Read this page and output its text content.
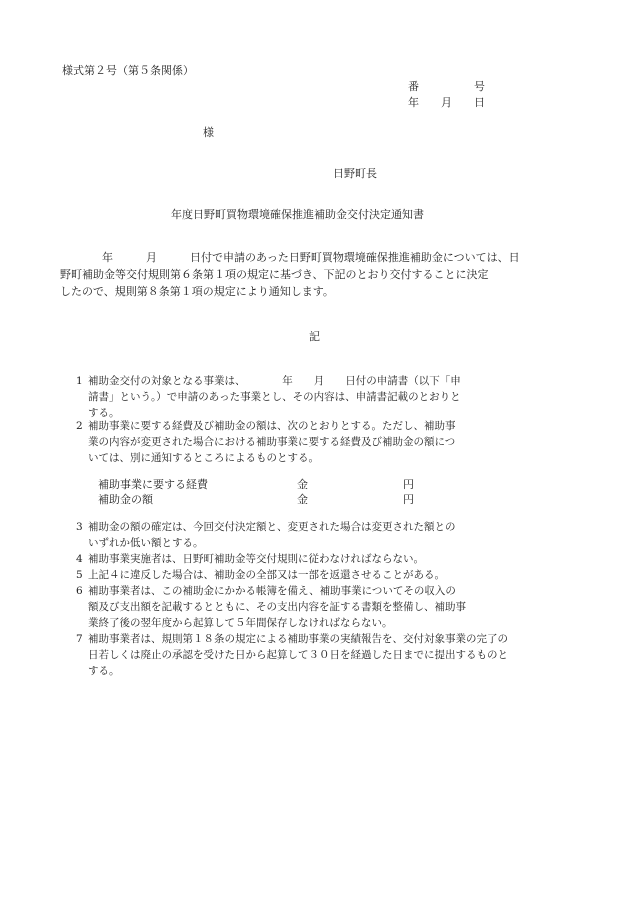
様式第２号（第５条関係）
番　　　　　号
年　　月　　日
様
日野町長
年度日野町買物環境確保推進補助金交付決定通知書
年　　　月　　　日付で申請のあった日野町買物環境確保推進補助金については、日
野町補助金等交付規則第６条第１項の規定に基づき、下記のとおり交付することに決定
したので、規則第８条第１項の規定により通知します。
記
1 補助金交付の対象となる事業は、　　　　年　　月　　日付の申請書（以下「申
請書」という。）で申請のあった事業とし、その内容は、申請書記載のとおりと
する。
2 補助事業に要する経費及び補助金の額は、次のとおりとする。ただし、補助事
業の内容が変更された場合における補助事業に要する経費及び補助金の額につ
いては、別に通知するところによるものとする。
補助事業に要する経費	金	円
補助金の額	金	円
3 補助金の額の確定は、今回交付決定額と、変更された場合は変更された額との
いずれか低い額とする。
4 補助事業実施者は、日野町補助金等交付規則に従わなければならない。
5 上記４に違反した場合は、補助金の全部又は一部を返還させることがある。
6 補助事業者は、この補助金にかかる帳簿を備え、補助事業についてその収入の
額及び支出額を記載するとともに、その支出内容を証する書類を整備し、補助事
業終了後の翌年度から起算して５年間保存しなければならない。
7 補助事業者は、規則第１８条の規定による補助事業の実績報告を、交付対象事業の完了の
日若しくは廃止の承認を受けた日から起算して３０日を経過した日までに提出するものと
する。
